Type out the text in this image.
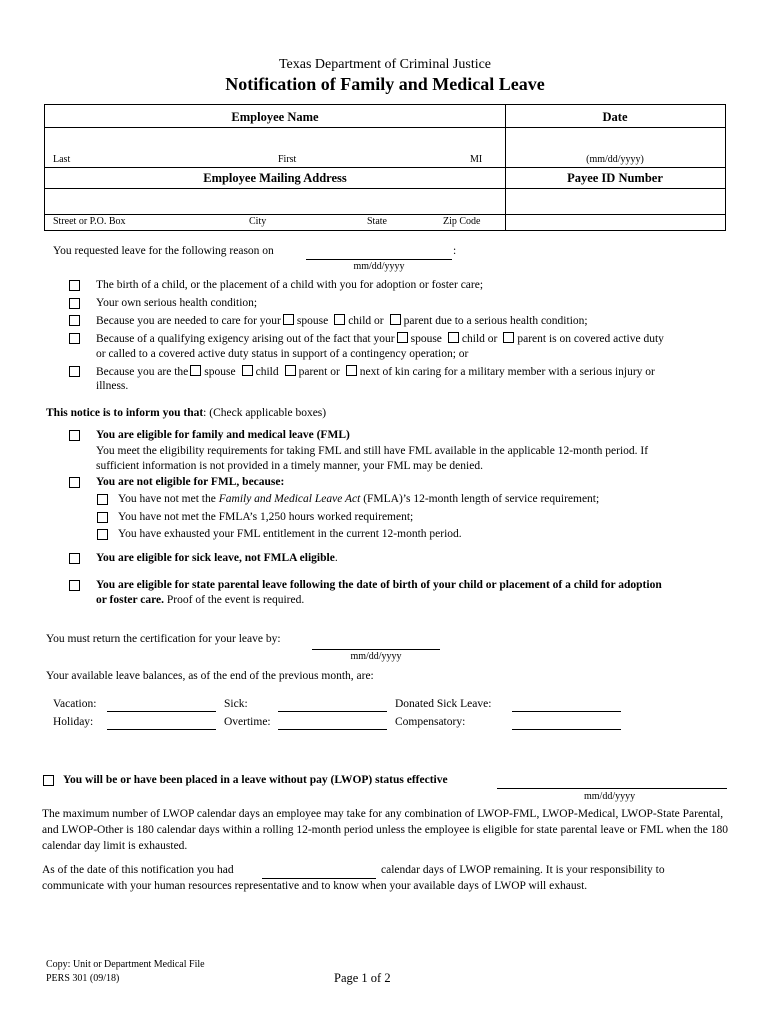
Texas Department of Criminal Justice
Notification of Family and Medical Leave
Employee Name	Date
Last	First	MI	(mm/dd/yyyy)
Employee Mailing Address	Payee ID Number
Street or P.O. Box	City	State	Zip Code
You requested leave for the following reason on	:
mm/dd/yyyy
The birth of a child, or the placement of a child with you for adoption or foster care;
Your own serious health condition;
Because you are needed to care for your spouse child or parent due to a serious health condition;
Because of a qualifying exigency arising out of the fact that your spouse child or parent is on covered active duty
or called to a covered active duty status in support of a contingency operation; or
Because you are the spouse child parent or next of kin caring for a military member with a serious injury or
illness.
This notice is to inform you that: (Check applicable boxes)
You are eligible for family and medical leave (FML)
You meet the eligibility requirements for taking FML and still have FML available in the applicable 12-month period. If
sufficient information is not provided in a timely manner, your FML may be denied.
You are not eligible for FML, because:
You have not met the Family and Medical Leave Act (FMLA)’s 12-month length of service requirement;
You have not met the FMLA’s 1,250 hours worked requirement;
You have exhausted your FML entitlement in the current 12-month period.
You are eligible for sick leave, not FMLA eligible.
You are eligible for state parental leave following the date of birth of your child or placement of a child for adoption
or foster care. Proof of the event is required.
You must return the certification for your leave by:
mm/dd/yyyy
Your available leave balances, as of the end of the previous month, are:
Vacation:	Sick:	Donated Sick Leave:
Holiday:	Overtime:	Compensatory:
You will be or have been placed in a leave without pay (LWOP) status effective
mm/dd/yyyy
The maximum number of LWOP calendar days an employee may take for any combination of LWOP-FML, LWOP-Medical, LWOP-State Parental, and LWOP-Other is 180 calendar days within a rolling 12-month period unless the employee is eligible for state parental leave or FML when the 180 calendar day limit is exhausted.
As of the date of this notification you had	calendar days of LWOP remaining. It is your responsibility to
communicate with your human resources representative and to know when your available days of LWOP will exhaust.
Copy: Unit or Department Medical File
PERS 301 (09/18)	Page 1 of 2
